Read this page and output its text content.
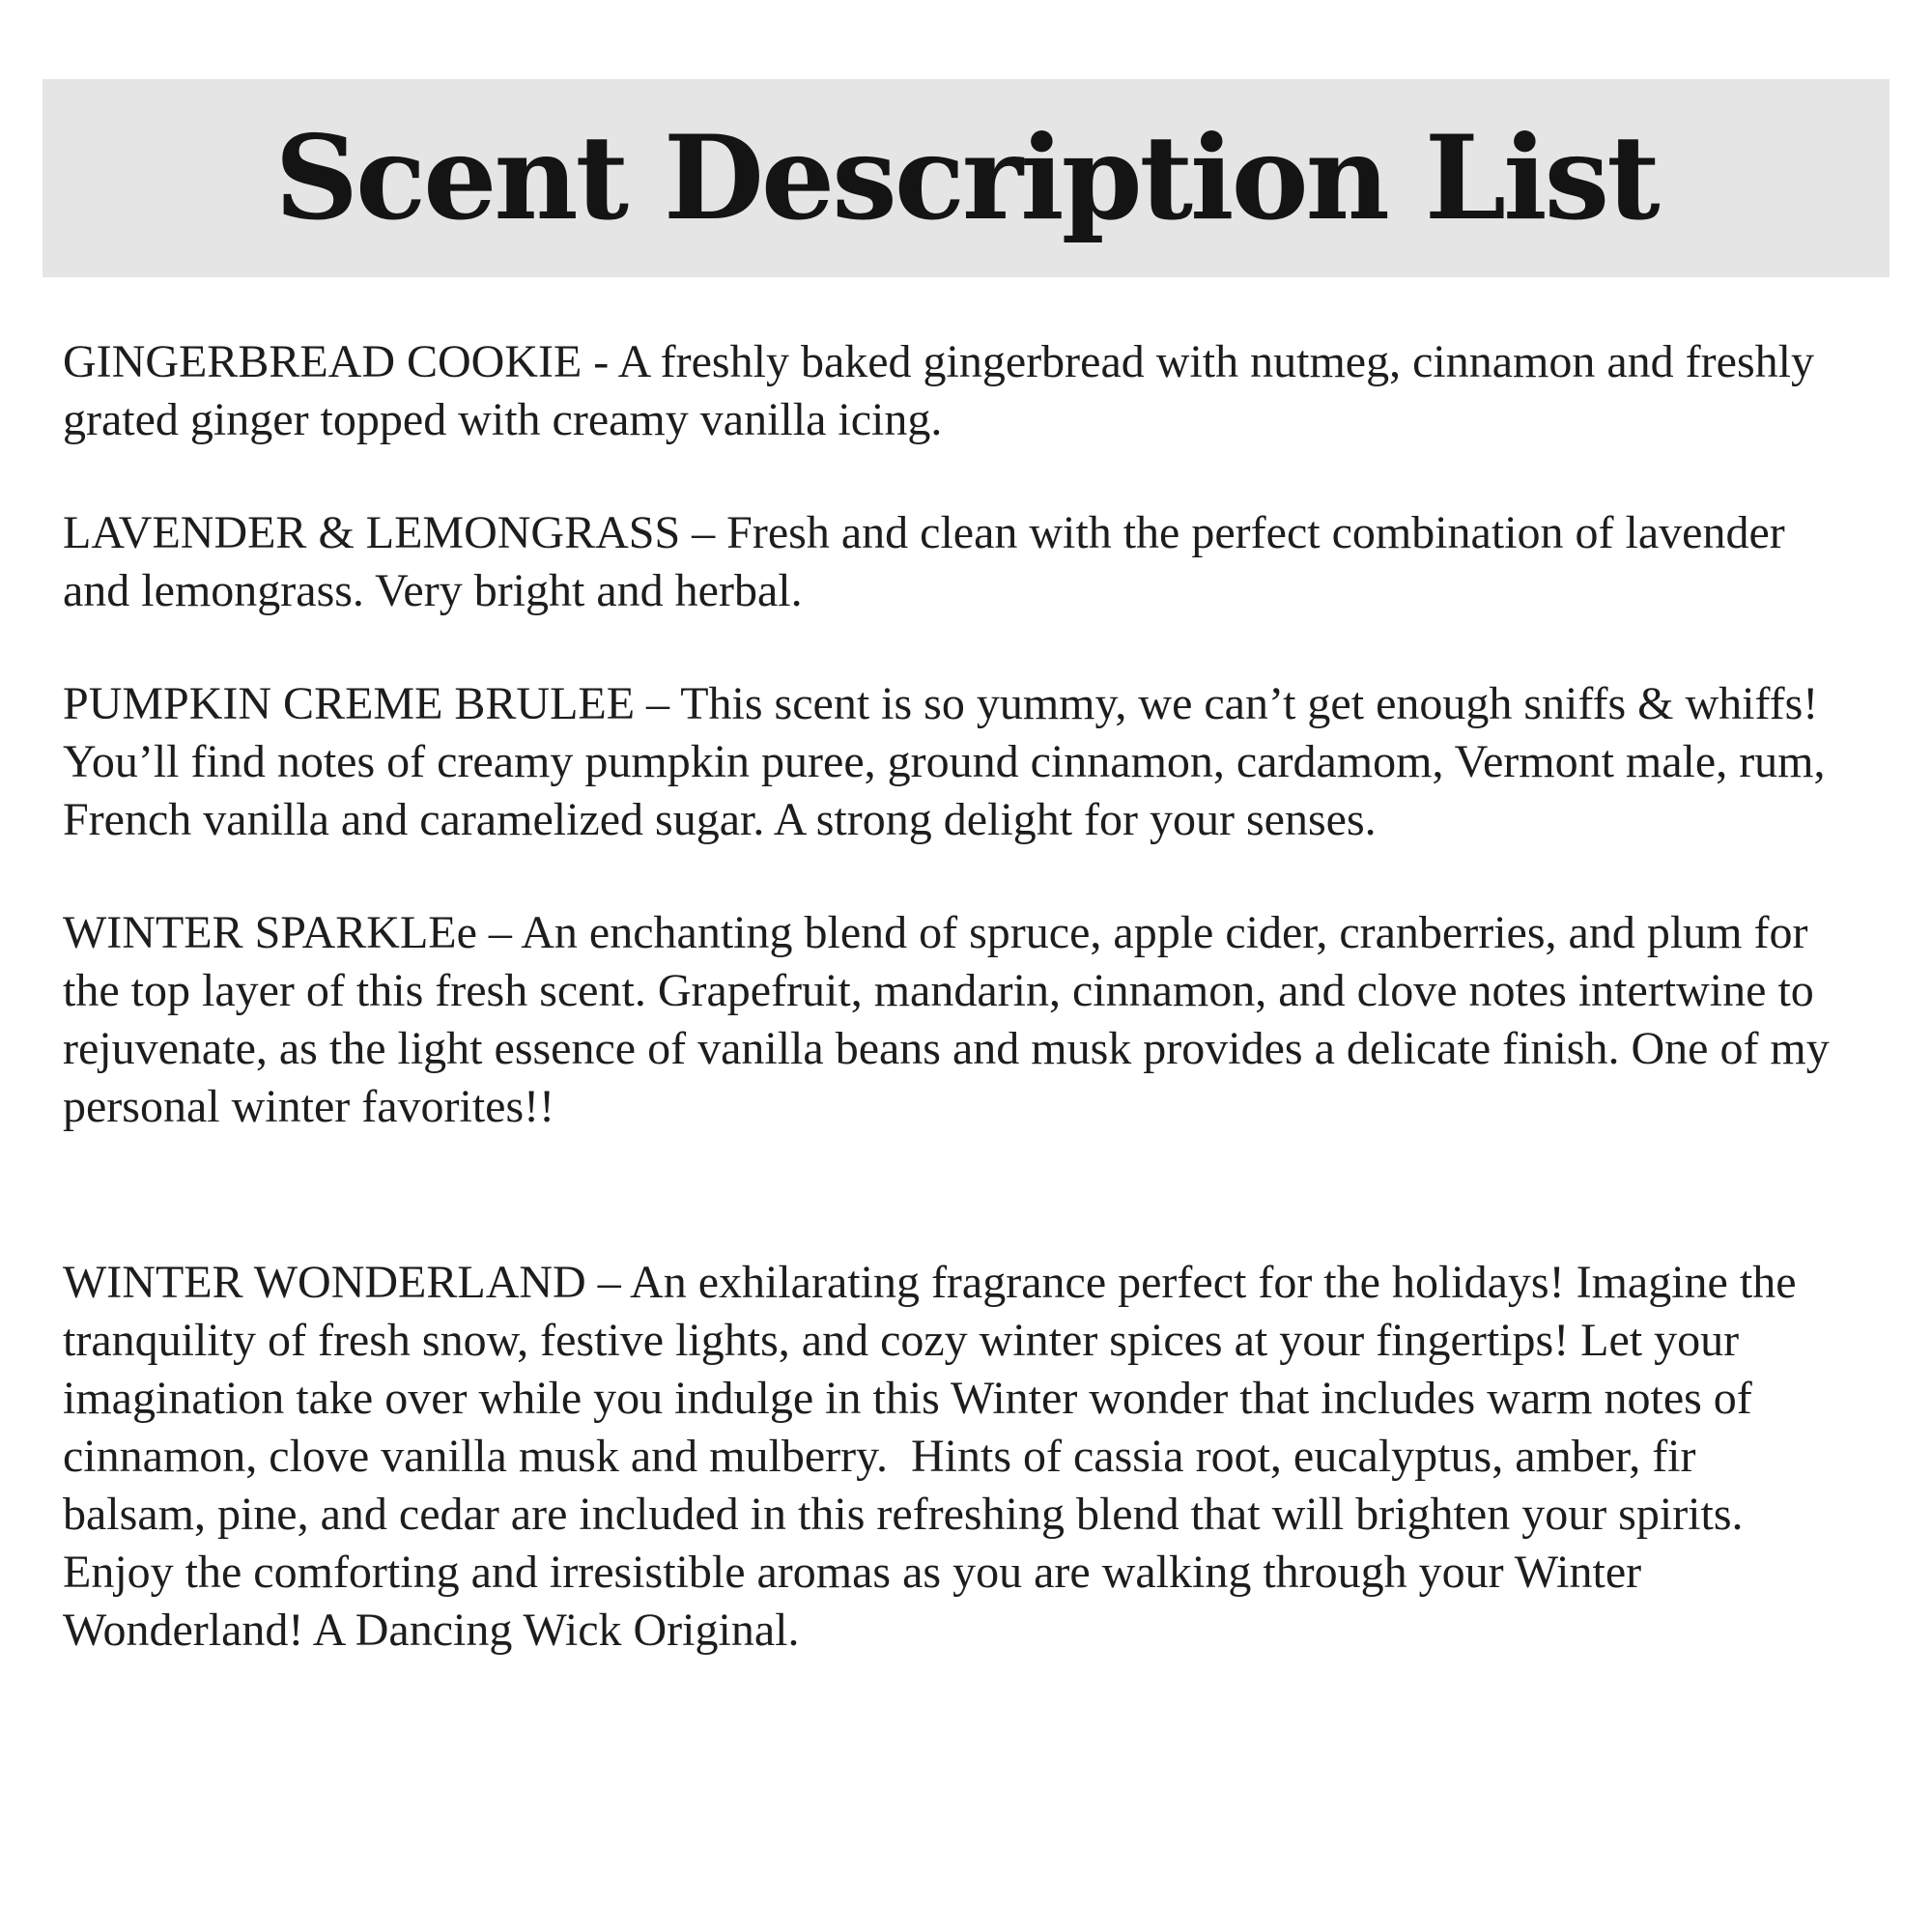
Scent Description List

GINGERBREAD COOKIE - A freshly baked gingerbread with nutmeg, cinnamon and freshly grated ginger topped with creamy vanilla icing.

LAVENDER & LEMONGRASS – Fresh and clean with the perfect combination of lavender and lemongrass. Very bright and herbal.

PUMPKIN CREME BRULEE – This scent is so yummy, we can’t get enough sniffs & whiffs! You’ll find notes of creamy pumpkin puree, ground cinnamon, cardamom, Vermont male, rum, French vanilla and caramelized sugar. A strong delight for your senses.

WINTER SPARKLEe – An enchanting blend of spruce, apple cider, cranberries, and plum for the top layer of this fresh scent. Grapefruit, mandarin, cinnamon, and clove notes intertwine to rejuvenate, as the light essence of vanilla beans and musk provides a delicate finish. One of my personal winter favorites!!

WINTER WONDERLAND – An exhilarating fragrance perfect for the holidays! Imagine the tranquility of fresh snow, festive lights, and cozy winter spices at your fingertips! Let your imagination take over while you indulge in this Winter wonder that includes warm notes of cinnamon, clove vanilla musk and mulberry.  Hints of cassia root, eucalyptus, amber, fir balsam, pine, and cedar are included in this refreshing blend that will brighten your spirits. Enjoy the comforting and irresistible aromas as you are walking through your Winter Wonderland! A Dancing Wick Original.
